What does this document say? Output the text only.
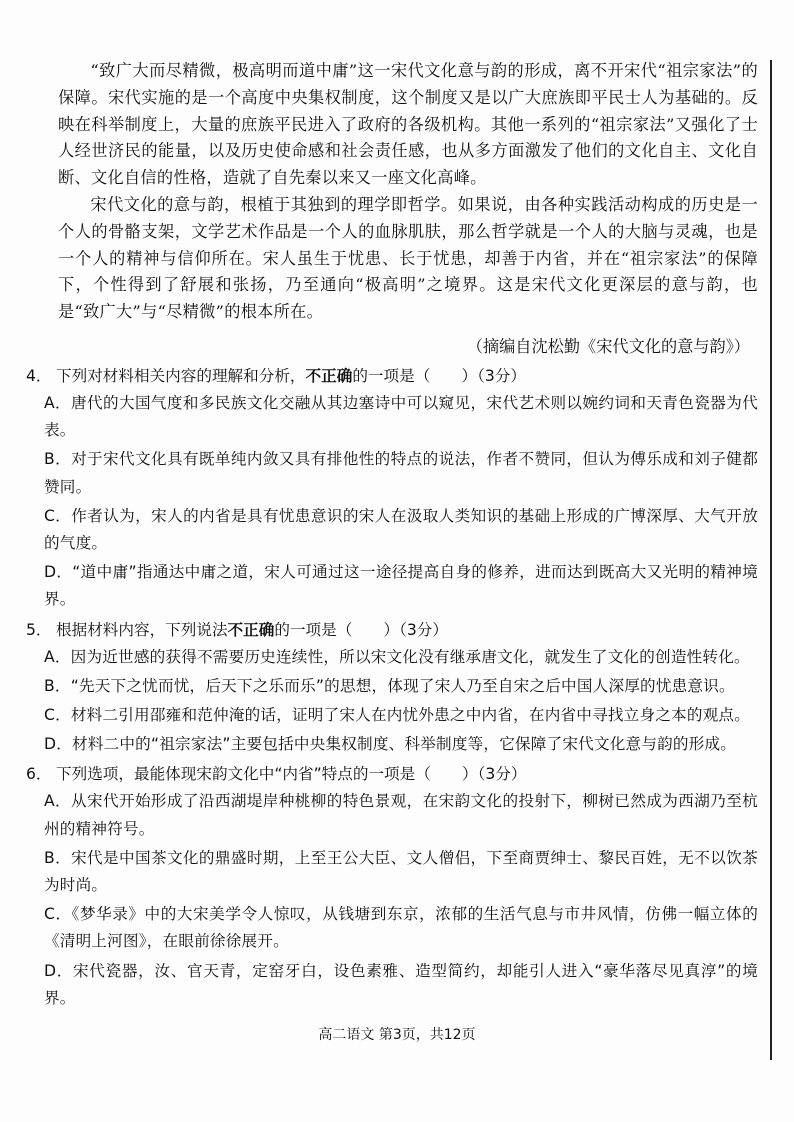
“致广大而尽精微，极高明而道中庸”这一宋代文化意与韵的形成，离不开宋代“祖宗家法”的保障。宋代实施的是一个高度中央集权制度，这个制度又是以广大庶族即平民士人为基础的。反映在科举制度上，大量的庶族平民进入了政府的各级机构。其他一系列的“祖宗家法”又强化了士人经世济民的能量，以及历史使命感和社会责任感，也从多方面激发了他们的文化自主、文化自断、文化自信的性格，造就了自先秦以来又一座文化高峰。

宋代文化的意与韵，根植于其独到的理学即哲学。如果说，由各种实践活动构成的历史是一个人的骨骼支架，文学艺术作品是一个人的血脉肌肤，那么哲学就是一个人的大脑与灵魂，也是一个人的精神与信仰所在。宋人虽生于忧患、长于忧患，却善于内省，并在“祖宗家法”的保障下，个性得到了舒展和张扬，乃至通向“极高明”之境界。这是宋代文化更深层的意与韵，也是“致广大”与“尽精微”的根本所在。

（摘编自沈松勤《宋代文化的意与韵》）
4． 下列对材料相关内容的理解和分析，不正确的一项是（　　）（3分）
A．唐代的大国气度和多民族文化交融从其边塞诗中可以窥见，宋代艺术则以婉约词和天青色瓷器为代表。
B．对于宋代文化具有既单纯内敛又具有排他性的特点的说法，作者不赞同，但认为傅乐成和刘子健都赞同。
C．作者认为，宋人的内省是具有忧患意识的宋人在汲取人类知识的基础上形成的广博深厚、大气开放的气度。
D．“道中庸”指通达中庸之道，宋人可通过这一途径提高自身的修养，进而达到既高大又光明的精神境界。
5． 根据材料内容，下列说法不正确的一项是（　　）（3分）
A．因为近世感的获得不需要历史连续性，所以宋文化没有继承唐文化，就发生了文化的创造性转化。
B．“先天下之忧而忧，后天下之乐而乐”的思想，体现了宋人乃至自宋之后中国人深厚的忧患意识。
C．材料二引用邵雍和范仲淹的话，证明了宋人在内忧外患之中内省，在内省中寻找立身之本的观点。
D．材料二中的“祖宗家法”主要包括中央集权制度、科举制度等，它保障了宋代文化意与韵的形成。
6． 下列选项，最能体现宋韵文化中“内省”特点的一项是（　　）（3分）
A．从宋代开始形成了沿西湖堤岸种桃柳的特色景观，在宋韵文化的投射下，柳树已然成为西湖乃至杭州的精神符号。
B．宋代是中国茶文化的鼎盛时期，上至王公大臣、文人僧侣，下至商贾绅士、黎民百姓，无不以饮茶为时尚。
C．《梦华录》中的大宋美学令人惊叹，从钱塘到东京，浓郁的生活气息与市井风情，仿佛一幅立体的《清明上河图》，在眼前徐徐展开。
D．宋代瓷器，汝、官天青，定窑牙白，设色素雅、造型简约，却能引人进入“豪华落尽见真淳”的境界。
高二语文 第3页，共12页
